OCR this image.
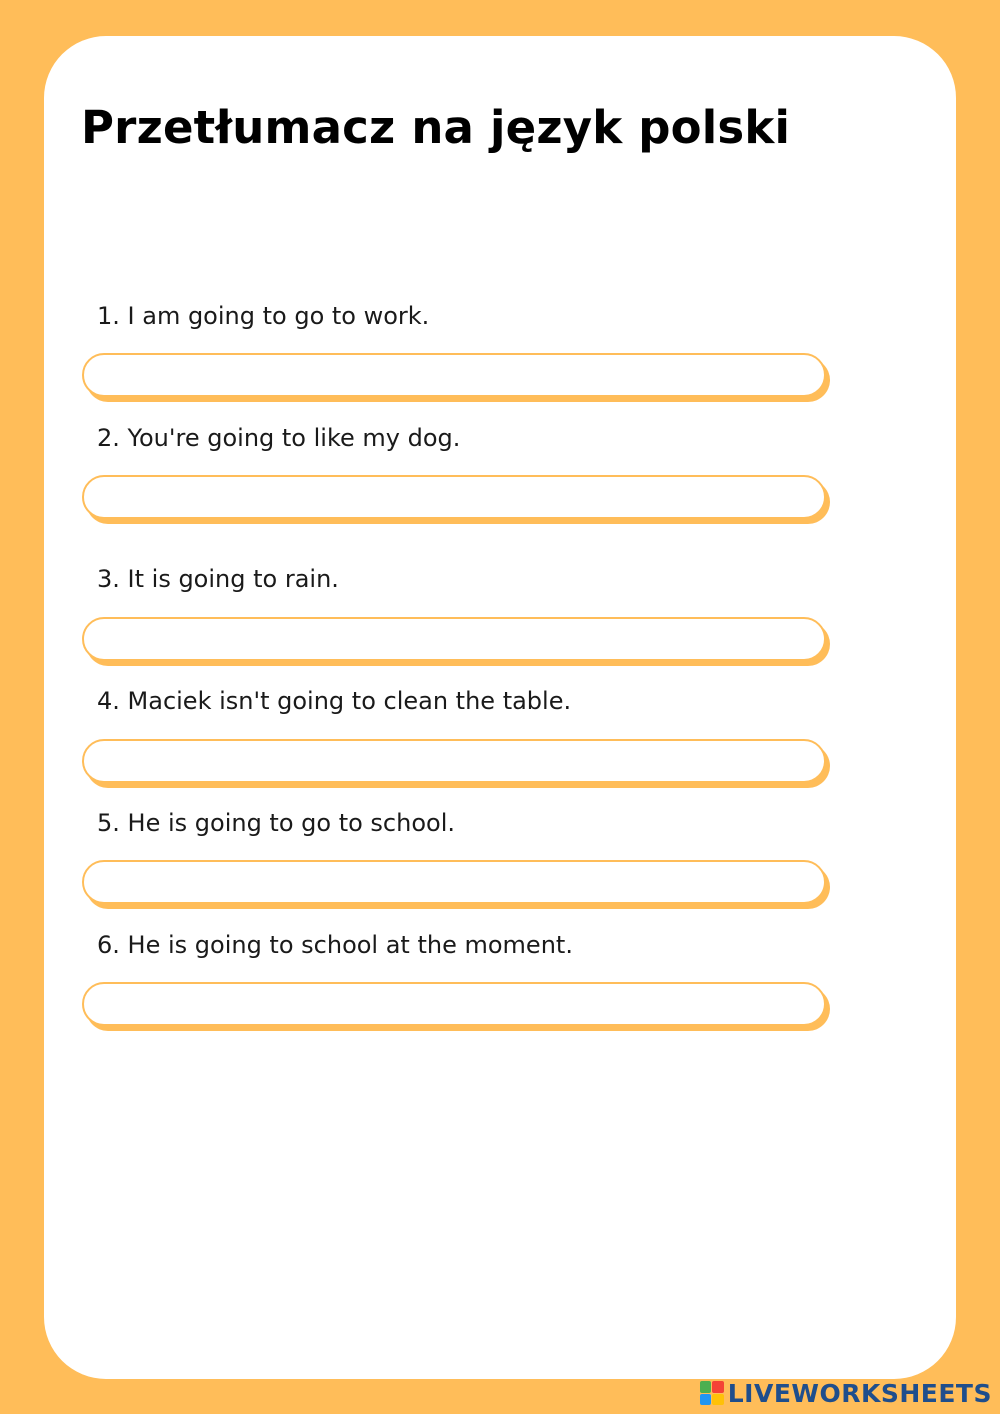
Przetłumacz na język polski

1. I am going to go to work.

2. You're going to like my dog.

3. It is going to rain.

4. Maciek isn't going to clean the table.

5. He is going to go to school.

6. He is going to school at the moment.

LIVEWORKSHEETS
